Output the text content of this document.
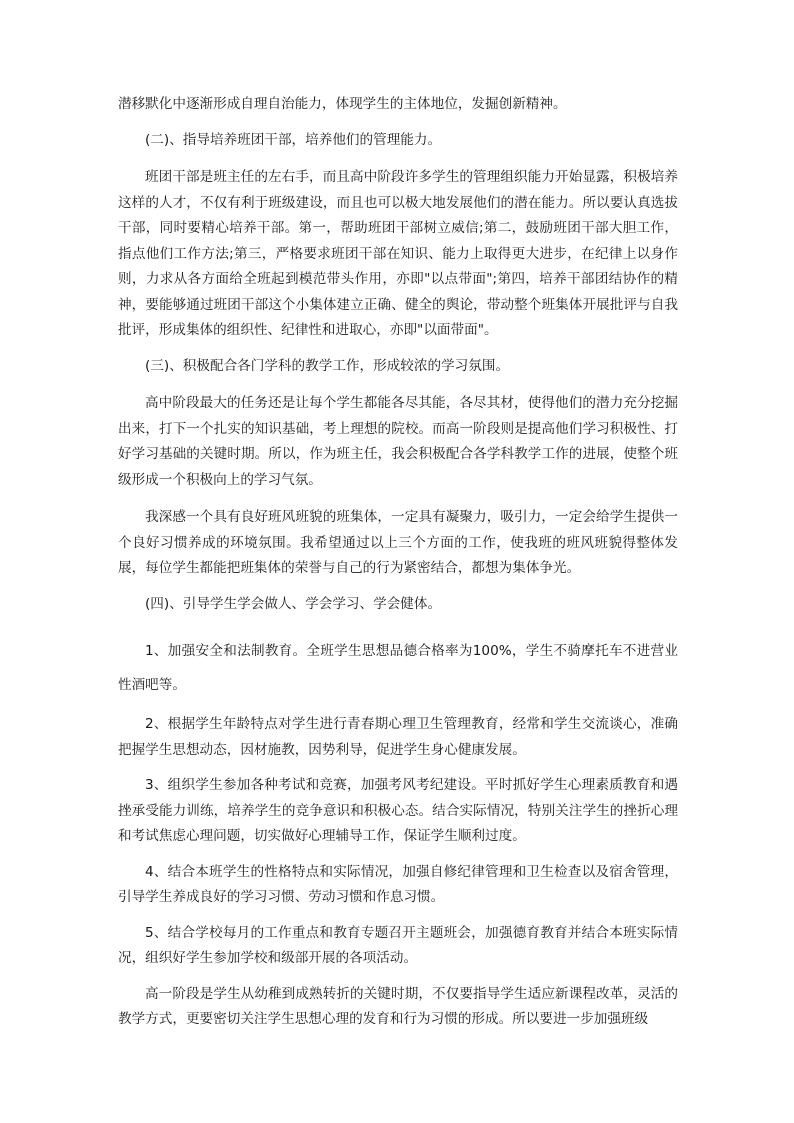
潜移默化中逐渐形成自理自治能力，体现学生的主体地位，发掘创新精神。

(二)、指导培养班团干部，培养他们的管理能力。

班团干部是班主任的左右手，而且高中阶段许多学生的管理组织能力开始显露，积极培养这样的人才，不仅有利于班级建设，而且也可以极大地发展他们的潜在能力。所以要认真选拔干部，同时要精心培养干部。第一，帮助班团干部树立威信;第二，鼓励班团干部大胆工作，指点他们工作方法;第三，严格要求班团干部在知识、能力上取得更大进步，在纪律上以身作则，力求从各方面给全班起到模范带头作用，亦即"以点带面";第四，培养干部团结协作的精神，要能够通过班团干部这个小集体建立正确、健全的舆论，带动整个班集体开展批评与自我批评，形成集体的组织性、纪律性和进取心，亦即"以面带面"。

(三)、积极配合各门学科的教学工作，形成较浓的学习氛围。

高中阶段最大的任务还是让每个学生都能各尽其能，各尽其材，使得他们的潜力充分挖掘出来，打下一个扎实的知识基础，考上理想的院校。而高一阶段则是提高他们学习积极性、打好学习基础的关键时期。所以，作为班主任，我会积极配合各学科教学工作的进展，使整个班级形成一个积极向上的学习气氛。

我深感一个具有良好班风班貌的班集体，一定具有凝聚力，吸引力，一定会给学生提供一个良好习惯养成的环境氛围。我希望通过以上三个方面的工作，使我班的班风班貌得整体发展，每位学生都能把班集体的荣誉与自己的行为紧密结合，都想为集体争光。

(四)、引导学生学会做人、学会学习、学会健体。

1、加强安全和法制教育。全班学生思想品德合格率为100%，学生不骑摩托车不进营业性酒吧等。

2、根据学生年龄特点对学生进行青春期心理卫生管理教育，经常和学生交流谈心，准确把握学生思想动态，因材施教，因势利导，促进学生身心健康发展。

3、组织学生参加各种考试和竞赛，加强考风考纪建设。平时抓好学生心理素质教育和遇挫承受能力训练，培养学生的竞争意识和积极心态。结合实际情况，特别关注学生的挫折心理和考试焦虑心理问题，切实做好心理辅导工作，保证学生顺利过度。

4、结合本班学生的性格特点和实际情况，加强自修纪律管理和卫生检查以及宿舍管理，引导学生养成良好的学习习惯、劳动习惯和作息习惯。

5、结合学校每月的工作重点和教育专题召开主题班会，加强德育教育并结合本班实际情况，组织好学生参加学校和级部开展的各项活动。

高一阶段是学生从幼稚到成熟转折的关键时期，不仅要指导学生适应新课程改革，灵活的教学方式，更要密切关注学生思想心理的发育和行为习惯的形成。所以要进一步加强班级
